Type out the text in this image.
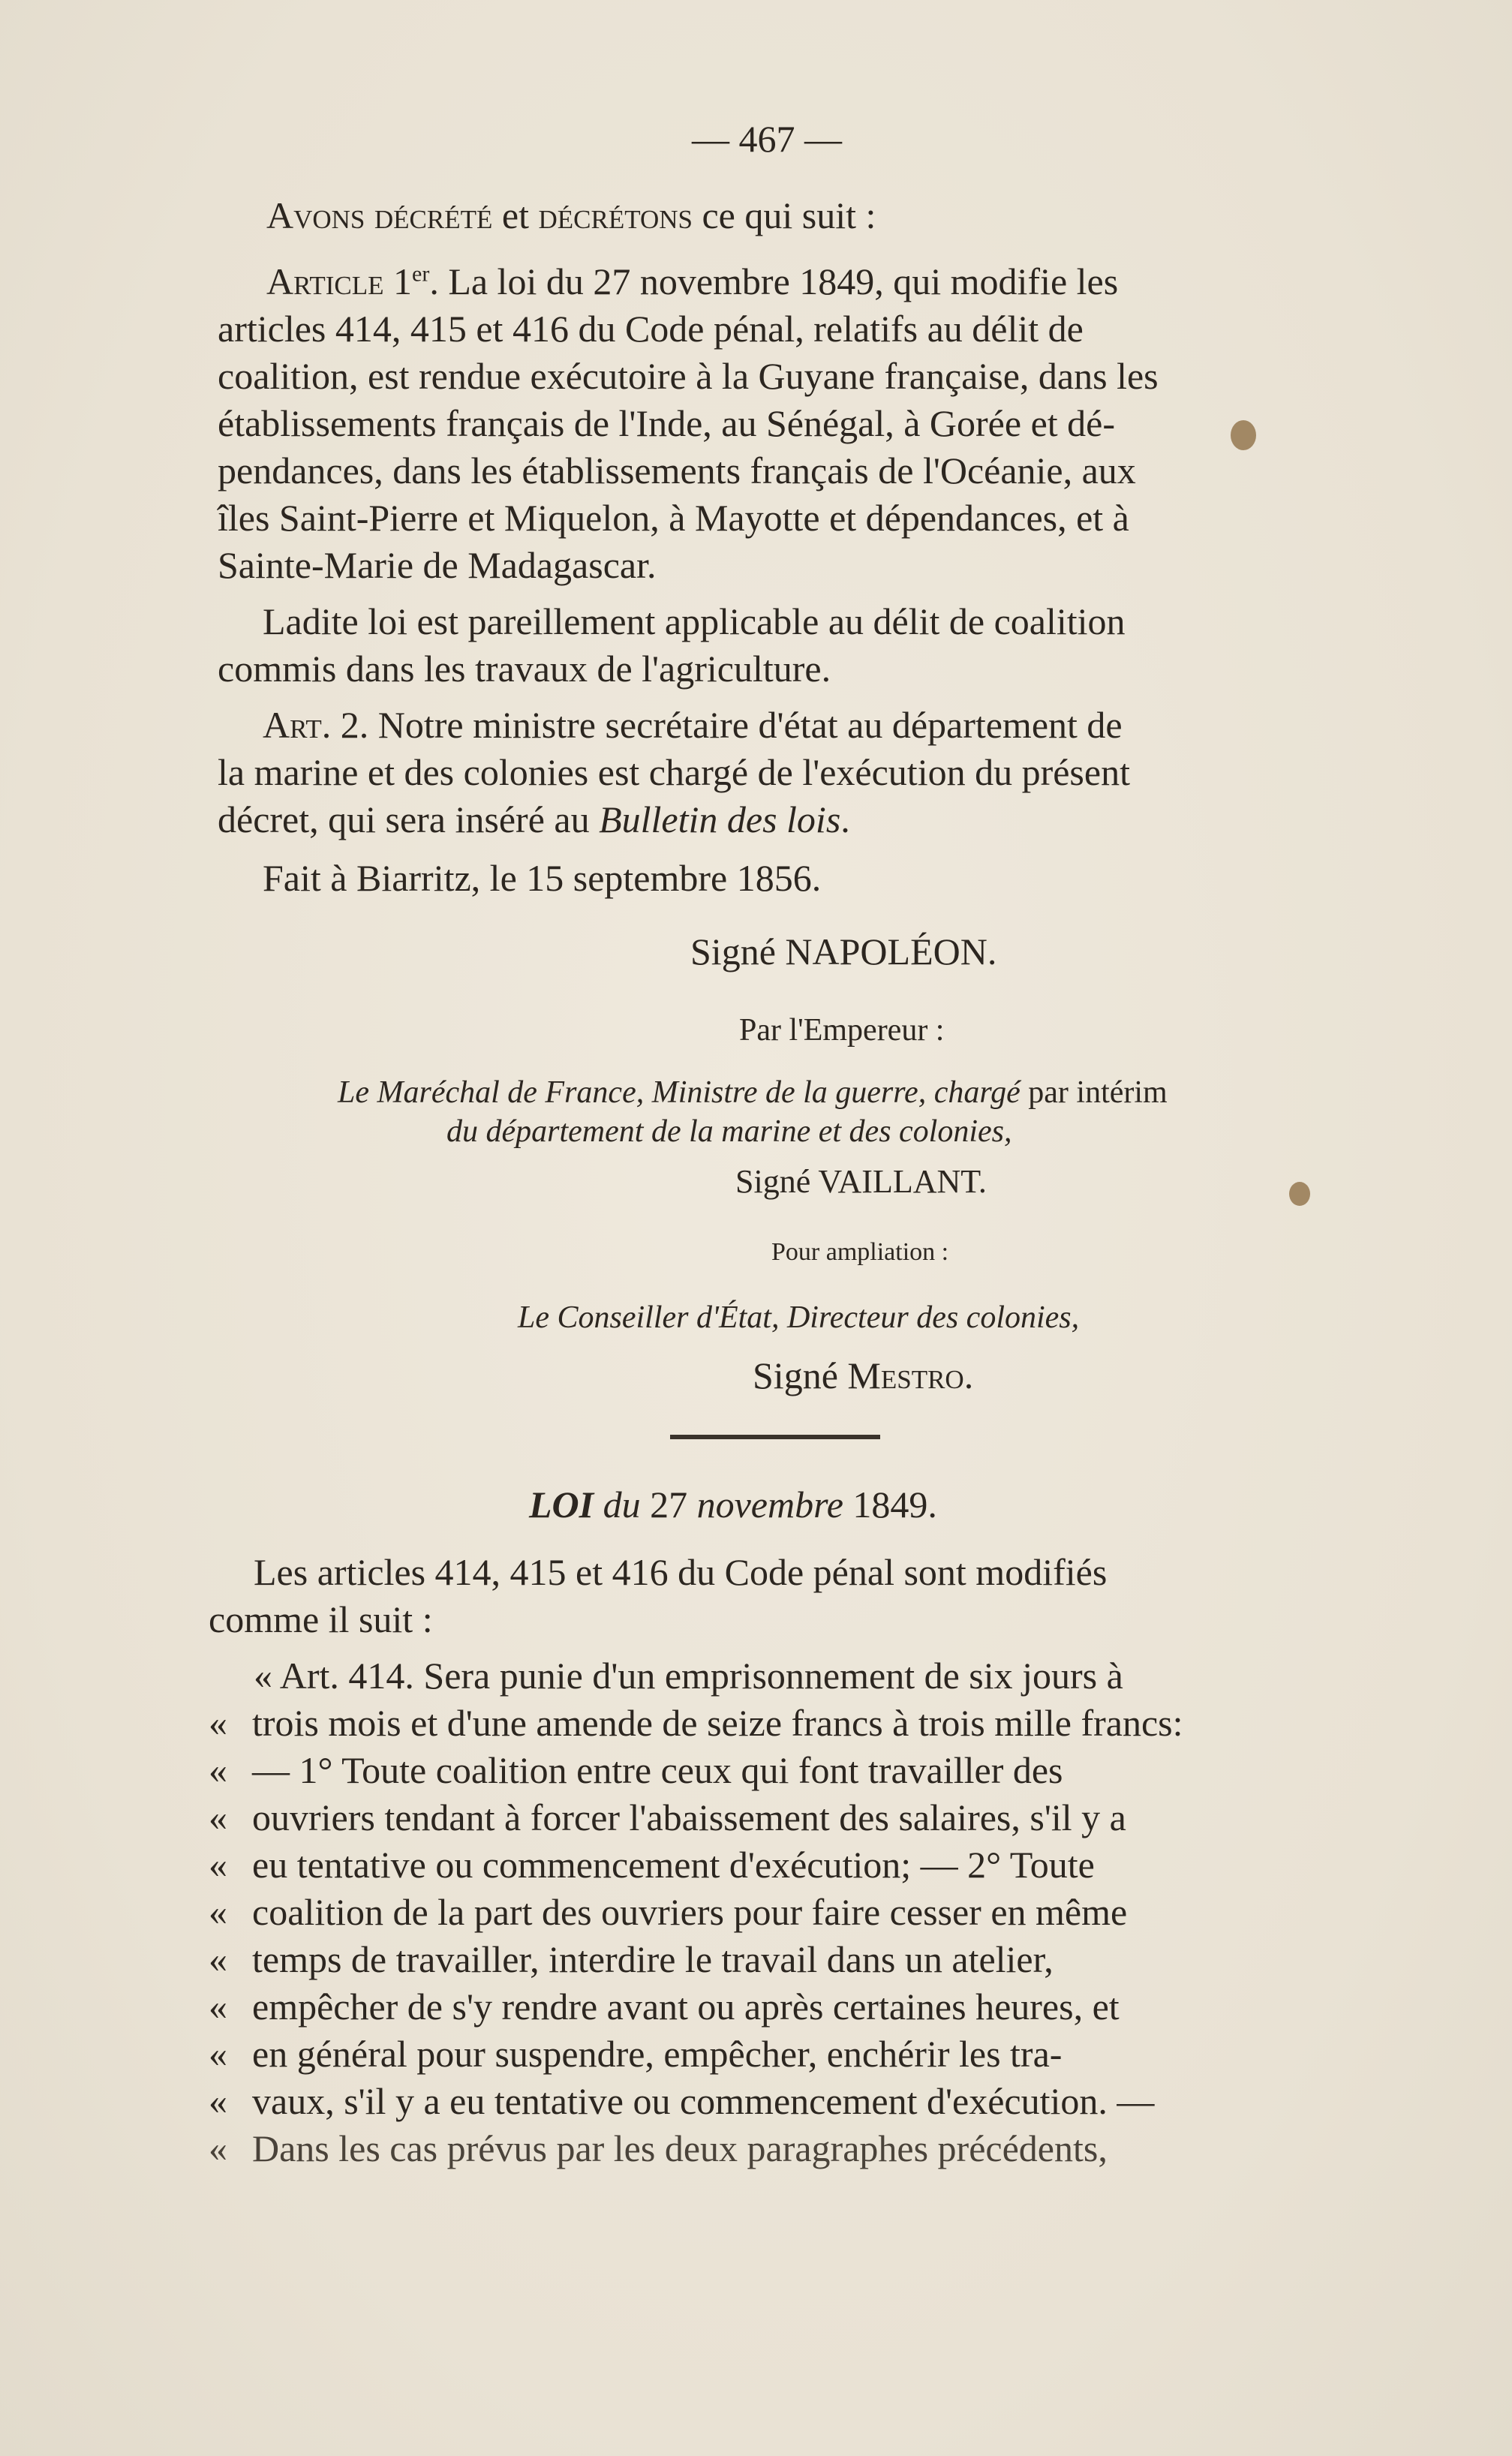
— 467 —
Avons décrété et décrétons ce qui suit :
Article 1er. La loi du 27 novembre 1849, qui modifie les
articles 414, 415 et 416 du Code pénal, relatifs au délit de
coalition, est rendue exécutoire à la Guyane française, dans les
établissements français de l'Inde, au Sénégal, à Gorée et dé-
pendances, dans les établissements français de l'Océanie, aux
îles Saint-Pierre et Miquelon, à Mayotte et dépendances, et à
Sainte-Marie de Madagascar.
Ladite loi est pareillement applicable au délit de coalition
commis dans les travaux de l'agriculture.
Art. 2. Notre ministre secrétaire d'état au département de
la marine et des colonies est chargé de l'exécution du présent
décret, qui sera inséré au Bulletin des lois.
Fait à Biarritz, le 15 septembre 1856.
Signé NAPOLÉON.
Par l'Empereur :
Le Maréchal de France, Ministre de la guerre, chargé par intérim
du département de la marine et des colonies,
Signé VAILLANT.
Pour ampliation :
Le Conseiller d'État, Directeur des colonies,
Signé Mestro.
LOI du 27 novembre 1849.
Les articles 414, 415 et 416 du Code pénal sont modifiés
comme il suit :
« Art. 414. Sera punie d'un emprisonnement de six jours à
« trois mois et d'une amende de seize francs à trois mille francs:
« — 1° Toute coalition entre ceux qui font travailler des
« ouvriers tendant à forcer l'abaissement des salaires, s'il y a
« eu tentative ou commencement d'exécution; — 2° Toute
« coalition de la part des ouvriers pour faire cesser en même
« temps de travailler, interdire le travail dans un atelier,
« empêcher de s'y rendre avant ou après certaines heures, et
« en général pour suspendre, empêcher, enchérir les tra-
« vaux, s'il y a eu tentative ou commencement d'exécution. —
« Dans les cas prévus par les deux paragraphes précédents,
